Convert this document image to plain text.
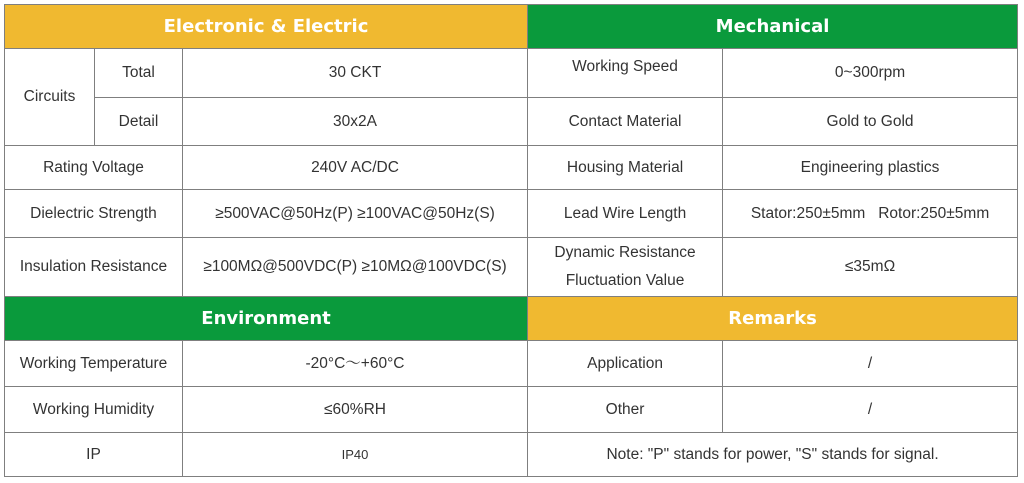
Electronic & Electric			Mechanical	
Circuits	Total	30 CKT	Working Speed	0~300rpm
	Detail	30x2A	Contact Material	Gold to Gold
Rating Voltage		240V AC/DC	Housing Material	Engineering plastics
Dielectric Strength		≥500VAC@50Hz(P) ≥100VAC@50Hz(S)	Lead Wire Length	Stator:250±5mm   Rotor:250±5mm
Insulation Resistance		≥100MΩ@500VDC(P) ≥10MΩ@100VDC(S)	Dynamic Resistance Fluctuation Value	≤35mΩ
Environment			Remarks	
Working Temperature		-20°C～+60°C	Application	/
Working Humidity		≤60%RH	Other	/
IP		IP40	Note: "P" stands for power, "S" stands for signal.	
